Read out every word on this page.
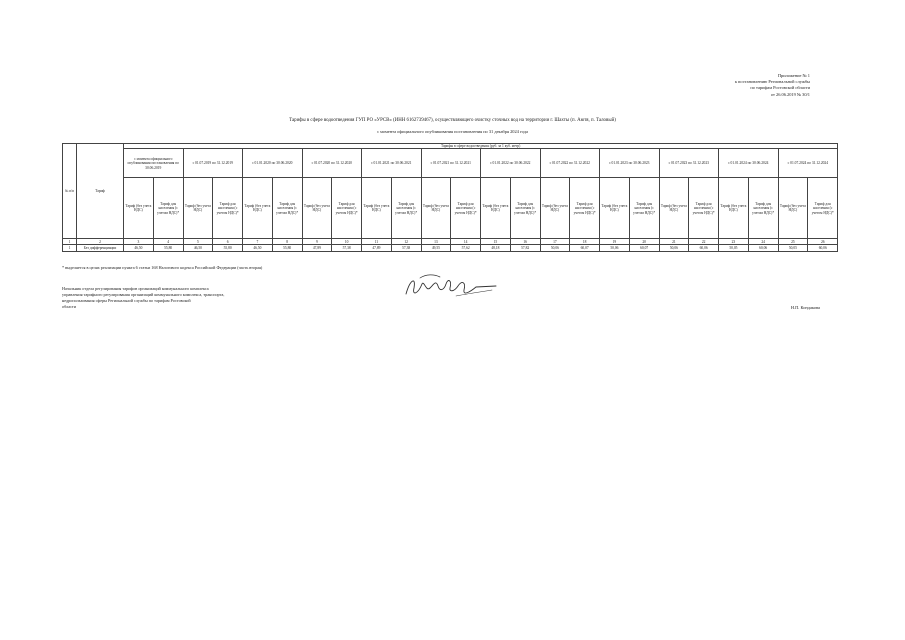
Приложение № 1
к постановлению Региональной службы
по тарифам Ростовской области
от 26.06.2019 № 30/1
Тарифы в сфере водоотведения ГУП РО «УРСВ» (ИНН 6162739467), осуществляющего очистку сточных вод на территории г. Шахты (п. Аютя, п. Таловый)
с момента официального опубликования постановления по 31 декабря 2024 года
№ п/п	Тариф	Тарифы в сфере водоотведения (руб. за 1 куб. метр)																							
		с момента официального опубликования постановления по 30.06.2019		с 01.07.2019 по 31.12.2019		с 01.01.2020 по 30.06.2020		с 01.07.2020 по 31.12.2020		с 01.01.2021 по 30.06.2021		с 01.07.2021 по 31.12.2021		с 01.01.2022 по 30.06.2022		с 01.07.2022 по 31.12.2022		с 01.01.2023 по 30.06.2023		с 01.07.2023 по 31.12.2023		с 01.01.2024 по 30.06.2024		с 01.07.2024 по 31.12.2024	
		Тариф (без учета НДС)	Тариф для населения (с учетом НДС)*	Тариф (без учета НДС)	Тариф для населения (с учетом НДС)*	Тариф (без учета НДС)	Тариф для населения (с учетом НДС)*	Тариф (без учета НДС)	Тариф для населения (с учетом НДС)*	Тариф (без учета НДС)	Тариф для населения (с учетом НДС)*	Тариф (без учета НДС)	Тариф для населения (с учетом НДС)*	Тариф (без учета НДС)	Тариф для населения (с учетом НДС)*	Тариф (без учета НДС)	Тариф для населения (с учетом НДС)*	Тариф (без учета НДС)	Тариф для населения (с учетом НДС)*	Тариф (без учета НДС)	Тариф для населения (с учетом НДС)*	Тариф (без учета НДС)	Тариф для населения (с учетом НДС)*	Тариф (без учета НДС)	Тариф для населения (с учетом НДС)*
1	2	3	4	5	6	7	8	9	10	11	12	13	14	15	16	17	18	19	20	21	22	23	24	25	26
1	Без дифференциации	46,50	55,80	46,50	55,80	46,50	55,80	47,89	57,38	47,89	57,38	49,55	57,62	48,18	57,82	50,06	60,07	50,06	60,07	50,06	60,06	50,05	60,06	50,05	60,06
* выделяется в целях реализации пункта 6 статьи 168 Налогового кодекса Российской Федерации (часть вторая)
Начальник отдела регулирования тарифов организаций коммунального комплекса
управления тарифного регулирования организаций коммунального комплекса, транспорта,
недропользования сферы Региональной службы по тарифам Ростовской
области	Н.П. Кондакова
